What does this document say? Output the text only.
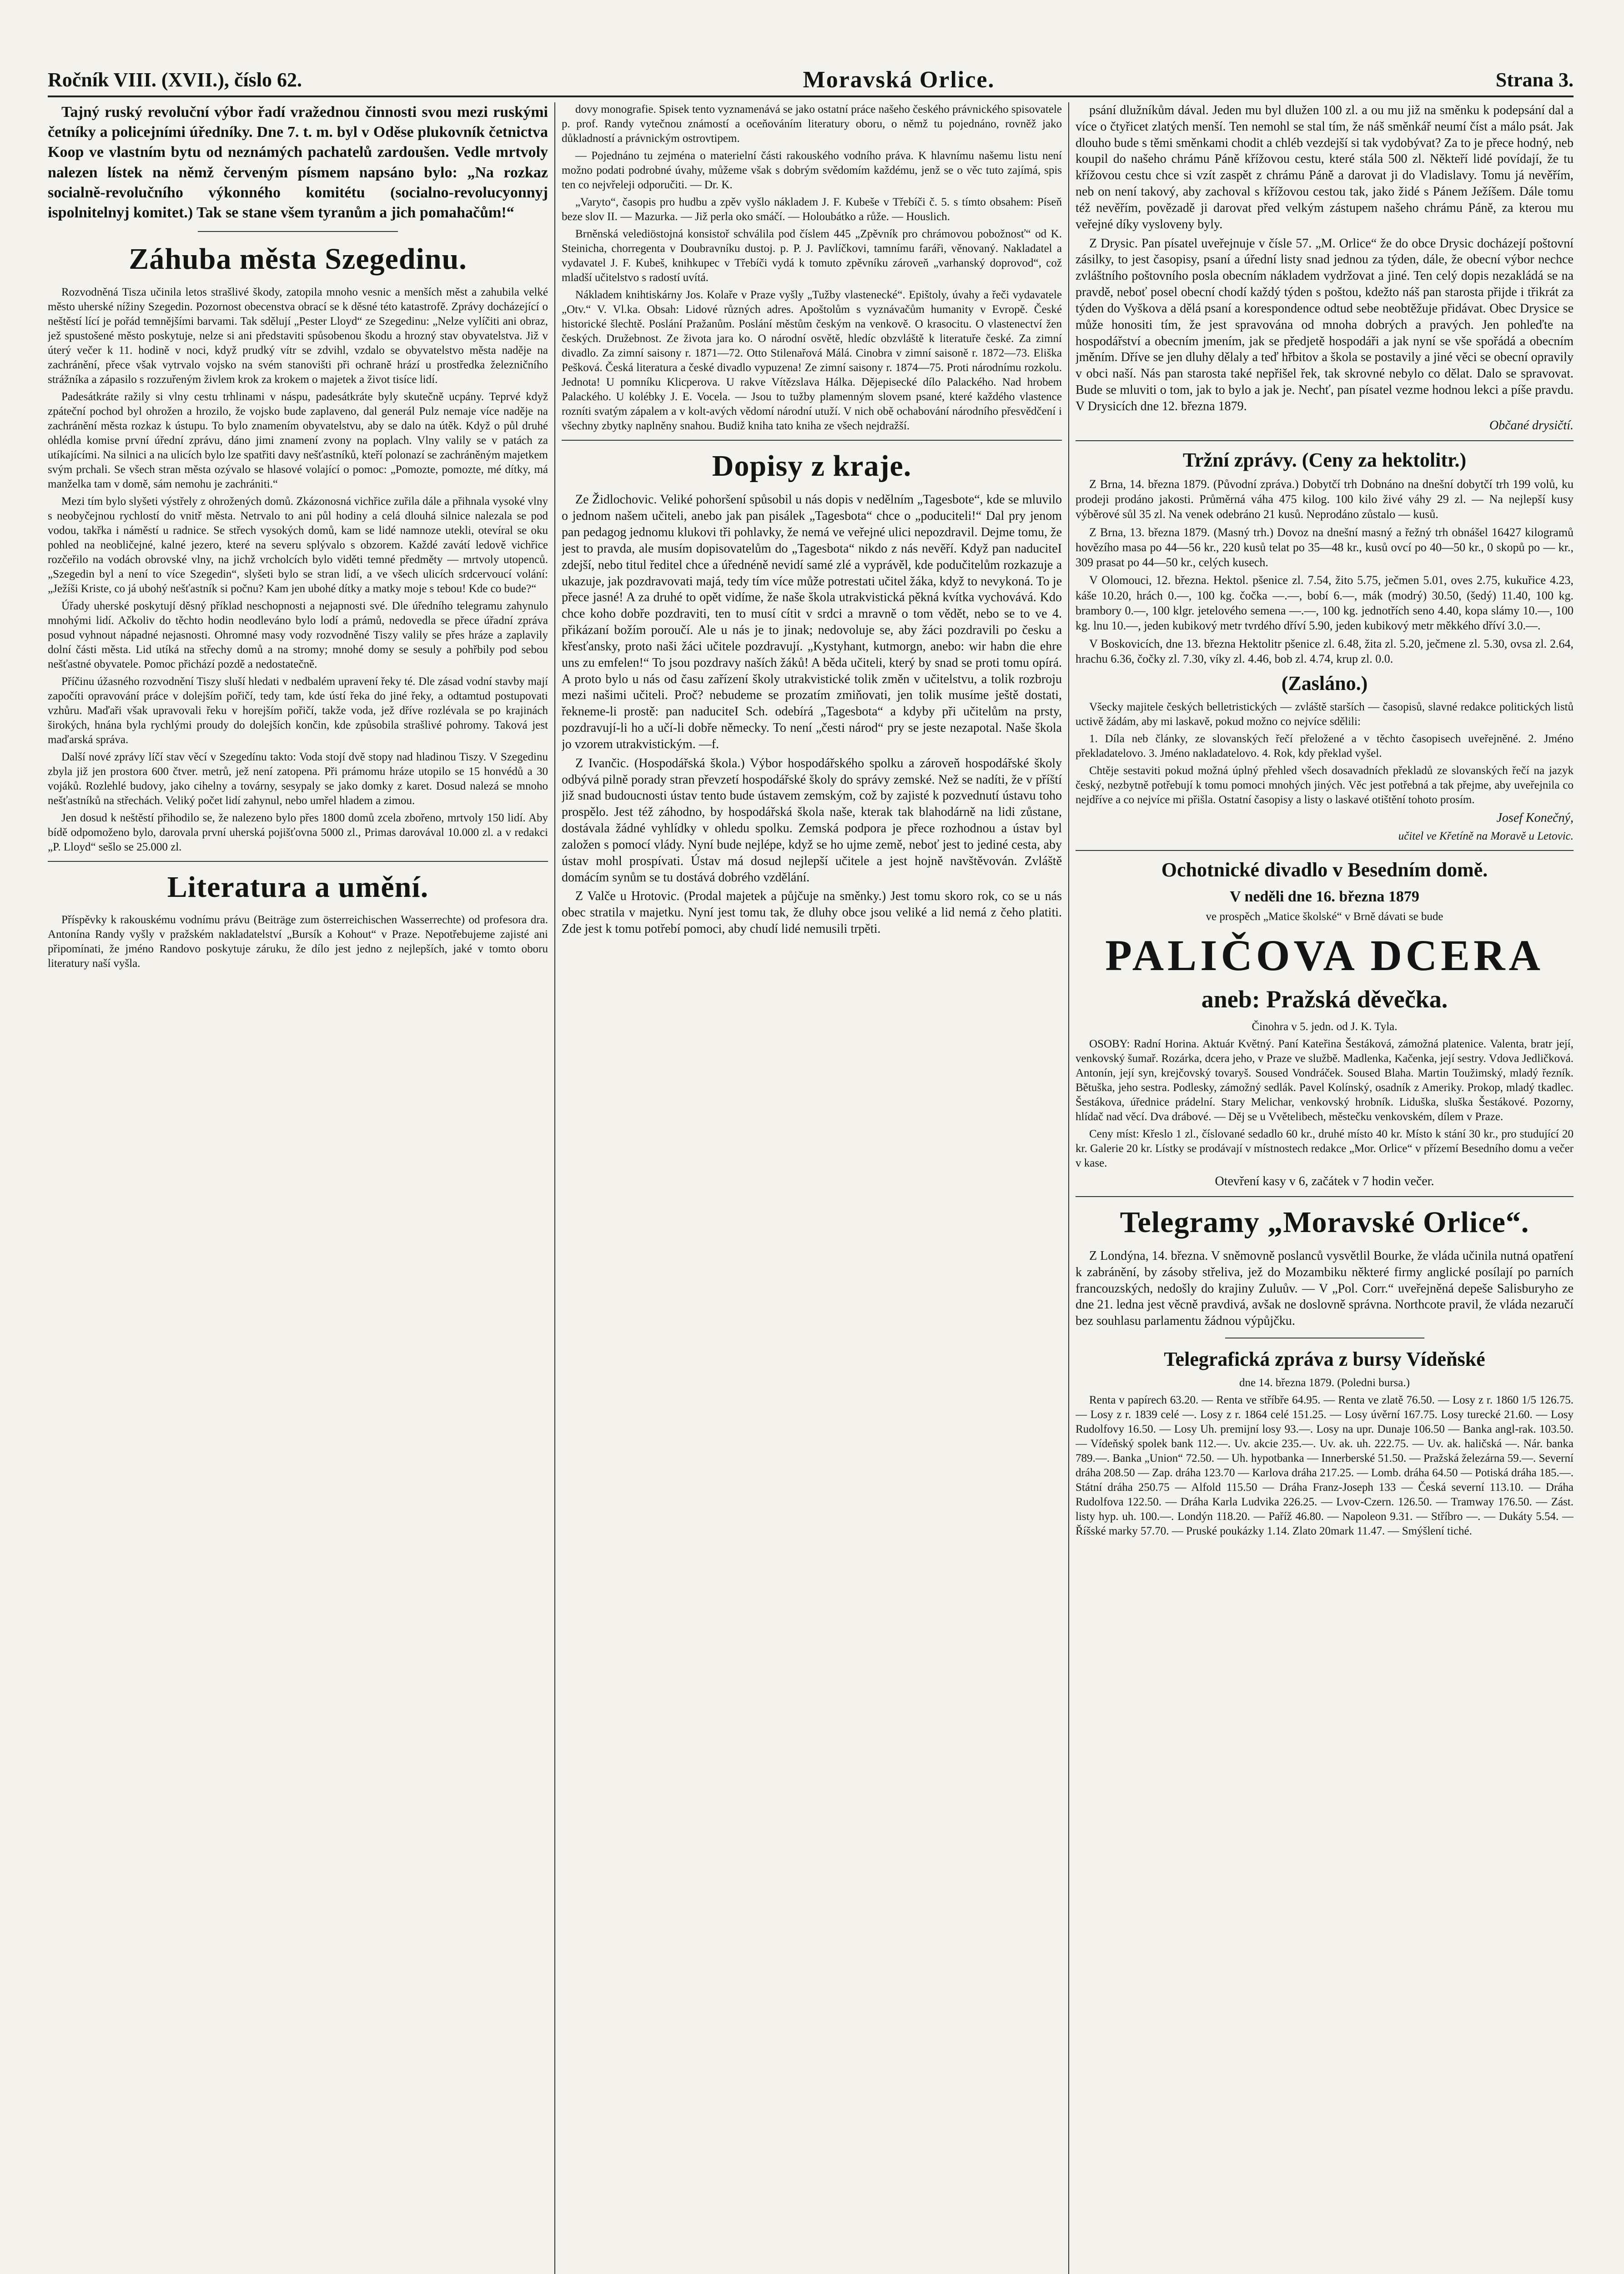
Ročník VIII. (XVII.), číslo 62.	Moravská Orlice.	Strana 3.

Tajný ruský revoluční výbor řadí vražednou činnosti svou mezi ruskými četníky a policejními úředníky. Dne 7. t. m. byl v Oděse plukovník četnictva Koop ve vlastním bytu od neznámých pachatelů zardoušen. Vedle mrtvoly nalezen lístek na němž červeným písmem napsáno bylo: „Na rozkaz socialně-revolučního výkonného komitétu (socialno-revolucyonnyj ispolnitelnyj komitet.) Tak se stane všem tyranům a jich pomahačům!“

Záhuba města Szegedinu.

Rozvodněná Tisza učinila letos strašlivé škody, zatopila mnoho vesnic a menších měst a zahubila velké město uherské nížiny Szegedin. Pozornost obecenstva obrací se k děsné této katastrofě. Zprávy docházející o neštěstí lící je pořád temnějšími barvami. Tak sdělují „Pester Lloyd“ ze Szegedinu: „Nelze vylíčiti ani obraz, jež spustošené město poskytuje, nelze si ani představiti spůsobenou škodu a hrozný stav obyvatelstva. Již v úterý večer k 11. hodině v noci, když prudký vítr se zdvihl, vzdalo se obyvatelstvo města naděje na zachránění, přece však vytrvalo vojsko na svém stanovišti při ochraně hrází u prostředka železničního strážníka a zápasilo s rozzuřeným živlem krok za krokem o majetek a život tisíce lidí.

Padesátkráte ražily si vlny cestu trhlinami v náspu, padesátkráte byly skutečně ucpány. Teprvé když zpáteční pochod byl ohrožen a hrozilo, že vojsko bude zaplaveno, dal generál Pulz nemaje více naděje na zachránění města rozkaz k ústupu. To bylo znamením obyvatelstvu, aby se dalo na útěk. Když o půl druhé ohlédla komise první úřední zprávu, dáno jimi znamení zvony na poplach. Vlny valily se v patách za utíkajícími. Na silnici a na ulicích bylo lze spatřiti davy nešťastníků, kteří polonazí se zachráněným majetkem svým prchali. Se všech stran města ozývalo se hlasové volající o pomoc: „Pomozte, pomozte, mé dítky, má manželka tam v domě, sám nemohu je zachrániti.“

Mezi tím bylo slyšeti výstřely z ohrožených domů. Zkázonosná vichřice zuřila dále a přihnala vysoké vlny s neobyčejnou rychlostí do vnitř města. Netrvalo to ani půl hodiny a celá dlouhá silnice nalezala se pod vodou, takřka i náměstí u radnice. Se střech vysokých domů, kam se lidé namnoze utekli, otevíral se oku pohled na neobličejné, kalné jezero, které na severu splývalo s obzorem. Každé zavátí ledově vichřice rozčeřilo na vodách obrovské vlny, na jichž vrcholcích bylo viděti temné předměty — mrtvoly utopenců. „Szegedin byl a není to více Szegedin“, slyšeti bylo se stran lidí, a ve všech ulicích srdcervoucí volání: „Ježíši Kriste, co já ubohý nešťastník si počnu? Kam jen ubohé dítky a matky moje s tebou! Kde co bude?“

Úřady uherské poskytují děsný příklad neschopnosti a nejapnosti své. Dle úředního telegramu zahynulo mnohými lidí. Ačkoliv do těchto hodin neodleváno bylo lodí a prámů, nedovedla se přece úřadní zpráva posud vyhnout nápadné nejasnosti. Ohromné masy vody rozvodněné Tiszy valily se přes hráze a zaplavily dolní části města. Lid utíká na střechy domů a na stromy; mnohé domy se sesuly a pohřbily pod sebou nešťastné obyvatele. Pomoc přichází pozdě a nedostatečně.

Příčinu úžasného rozvodnění Tiszy sluší hledati v nedbalém upravení řeky té. Dle zásad vodní stavby mají započíti opravování práce v dolejším pořičí, tedy tam, kde ústí řeka do jiné řeky, a odtamtud postupovati vzhůru. Maďaři však upravovali řeku v horejším pořičí, takže voda, jež dříve rozlévala se po krajinách širokých, hnána byla rychlými proudy do dolejších končin, kde způsobila strašlivé pohromy. Taková jest maďarská správa.

Další nové zprávy líčí stav věcí v Szegedínu takto: Voda stojí dvě stopy nad hladinou Tiszy. V Szegedinu zbyla již jen prostora 600 čtver. metrů, jež není zatopena. Při prámomu hráze utopilo se 15 honvédů a 30 vojáků. Rozlehlé budovy, jako cihelny a továrny, sesypaly se jako domky z karet. Dosud nalezá se mnoho nešťastníků na střechách. Veliký počet lidí zahynul, nebo umřel hladem a zimou.

Jen dosud k neštěstí přihodilo se, že nalezeno bylo přes 1800 domů zcela zbořeno, mrtvoly 150 lidí. Aby bídě odpomoženo bylo, darovala první uherská pojišťovna 5000 zl., Primas darovával 10.000 zl. a v redakci „P. Lloyd“ sešlo se 25.000 zl.

Literatura a umění.

Příspěvky k rakouskému vodnímu právu (Beiträge zum österreichischen Wasserrechte) od profesora dra. Antonína Randy vyšly v pražském nakladatelství „Bursík a Kohout“ v Praze. Nepotřebujeme zajisté ani připomínati, že jméno Randovo poskytuje záruku, že dílo jest jedno z nejlepších, jaké v tomto oboru literatury naší vyšla.

dovy monografie. Spisek tento vyznamenává se jako ostatní práce našeho českého právnického spisovatele p. prof. Randy vytečnou známostí a oceňováním literatury oboru, o němž tu pojednáno, rovněž jako důkladností a právnickým ostrovtipem.

— Pojednáno tu zejména o materielní části rakouského vodního práva. K hlavnímu našemu listu není možno podati podrobné úvahy, můžeme však s dobrým svědomím každému, jenž se o věc tuto zajímá, spis ten co nejvřeleji odporučiti. — Dr. K.

„Varyto“, časopis pro hudbu a zpěv vyšlo nákladem J. F. Kubeše v Třebíči č. 5. s tímto obsahem: Píseň beze slov II. — Mazurka. — Již perla oko smáčí. — Holoubátko a růže. — Houslich.

Brněnská velediöstojná konsistoř schválila pod číslem 445 „Zpěvník pro chrámovou pobožnosť“ od K. Steinicha, chorregenta v Doubravníku dustoj. p. P. J. Pavlíčkovi, tamnímu faráři, věnovaný. Nakladatel a vydavatel J. F. Kubeš, knihkupec v Třebíči vydá k tomuto zpěvníku zároveň „varhanský doprovod“, což mladší učitelstvo s radostí uvítá.

Nákladem knihtiskárny Jos. Kolaře v Praze vyšly „Tužby vlastenecké“. Epištoly, úvahy a řeči vydavatele „Otv.“ V. Vl.ka. Obsah: Lidové různých adres. Apoštolům s vyznávačům humanity v Evropě. České historické šlechtě. Poslání Pražanům. Poslání městům českým na venkově. O krasocitu. O vlastenectví žen českých. Družebnost. Ze života jara ko. O národní osvětě, hledíc obzvláště k literatuře české. Za zimní divadlo. Za zimní saisony r. 1871—72. Otto Stilenařová Málá. Cinobra v zimní saisoně r. 1872—73. Eliška Pešková. Česká literatura a české divadlo vypuzena! Ze zimní saisony r. 1874—75. Proti národnímu rozkolu. Jednota! U pomníku Klicperova. U rakve Vítězslava Hálka. Dějepisecké dílo Palackého. Nad hrobem Palackého. U kolébky J. E. Vocela. — Jsou to tužby plamenným slovem psané, které každého vlastence rozníti svatým zápalem a v kolt-avých vědomí národní utuží. V nich obě ochabování národního přesvědčení i všechny zbytky naplněny snahou. Budiž kniha tato kniha ze všech nejdražší.

Dopisy z kraje.

Ze Židlochovic. Veliké pohoršení spůsobil u nás dopis v nedělním „Tagesbote“, kde se mluvilo o jednom našem učiteli, anebo jak pan pisálek „Tagesbota“ chce o „poduciteli!“ Dal pry jenom pan pedagog jednomu klukovi tři pohlavky, že nemá ve veřejné ulici nepozdravil. Dejme tomu, že jest to pravda, ale musím dopisovatelům do „Tagesbota“ nikdo z nás nevěří. Když pan naduciteI zdejší, nebo titul ředitel chce a úřednéně nevidí samé zlé a vyprávěl, kde podučitelům rozkazuje a ukazuje, jak pozdravovati majá, tedy tím více může potrestati učitel žáka, když to nevykoná. To je přece jasné! A za druhé to opět vidíme, že naše škola utrakvistická pěkná kvítka vychovává. Kdo chce koho dobře pozdraviti, ten to musí cítit v srdci a mravně o tom vědět, nebo se to ve 4. přikázaní božím poroučí. Ale u nás je to jinak; nedovoluje se, aby žáci pozdravili po česku a křesťansky, proto naši žáci učitele pozdravují. „Kystyhant, kutmorgn, anebo: wir habn die ehre uns zu emfelen!“ To jsou pozdravy naších žáků! A běda učiteli, který by snad se proti tomu opírá. A proto bylo u nás od času zařízení školy utrakvistické tolik změn v učitelstvu, a tolik rozbroju mezi našimi učiteli. Proč? nebudeme se prozatím zmiňovati, jen tolik musíme ještě dostati, řekneme-li prostě: pan naduciteI Sch. odebírá „Tagesbota“ a kdyby při učitelům na prsty, pozdravují-li ho a učí-li dobře německy. To není „česti národ“ pry se jeste nezapotal. Naše škola jo vzorem utrakvistickým. —f.

Z Ivančic. (Hospodářská škola.) Výbor hospodářského spolku a zároveň hospodářské školy odbývá pilně porady stran převzetí hospodářské školy do správy zemské. Než se nadíti, že v příští již snad budoucnosti ústav tento bude ústavem zemským, což by zajisté k pozvednutí ústavu toho prospělo. Jest též záhodno, by hospodářská škola naše, kterak tak blahodárně na lidi zůstane, dostávala žádné vyhlídky v ohledu spolku. Zemská podpora je přece rozhodnou a ústav byl založen s pomocí vlády. Nyní bude nejlépe, když se ho ujme země, neboť jest to jediné cesta, aby ústav mohl prospívati. Ústav má dosud nejlepší učitele a jest hojně navštěvován. Zvláště domácím synům se tu dostává dobrého vzdělání.

Z Valče u Hrotovic. (Prodal majetek a půjčuje na směnky.) Jest tomu skoro rok, co se u nás obec stratila v majetku. Nyní jest tomu tak, že dluhy obce jsou veliké a lid nemá z čeho platiti. Zde jest k tomu potřebí pomoci, aby chudí lidé nemusili trpěti.

psání dlužníkům dával. Jeden mu byl dlužen 100 zl. a ou mu již na směnku k podepsání dal a více o čtyřicet zlatých menší. Ten nemohl se stal tím, že náš směnkář neumí číst a málo psát. Jak dlouho bude s těmi směnkami chodit a chléb vezdejší si tak vydobývat? Za to je přece hodný, neb koupil do našeho chrámu Páně křížovou cestu, které stála 500 zl. Někteří lidé povídají, že tu křížovou cestu chce si vzít zaspět z chrámu Páně a darovat ji do Vladislavy. Tomu já nevěřím, neb on není takový, aby zachoval s křížovou cestou tak, jako židé s Pánem Ježíšem. Dále tomu též nevěřím, povězadě ji darovat před velkým zástupem našeho chrámu Páně, za kterou mu veřejné díky vysloveny byly.

Z Drysic. Pan písatel uveřejnuje v čísle 57. „M. Orlice“ že do obce Drysic docházejí poštovní zásilky, to jest časopisy, psaní a úřední listy snad jednou za týden, dále, že obecní výbor nechce zvláštního poštovního posla obecním nákladem vydržovat a jiné. Ten celý dopis nezakládá se na pravdě, neboť posel obecní chodí každý týden s poštou, kdežto náš pan starosta přijde i třikrát za týden do Vyškova a dělá psaní a korespondence odtud sebe neobtěžuje přidávat. Obec Drysice se může honositi tím, že jest spravována od mnoha dobrých a pravých. Jen pohleďte na hospodářství a obecním jmením, jak se předjetě hospodáři a jak nyní se vše spořádá a obecním jměním. Dříve se jen dluhy dělaly a teď hřbitov a škola se postavily a jiné věci se obecní opravily v obci naší. Nás pan starosta také nepřišel řek, tak skrovné nebylo co dělat. Dalo se spravovat. Bude se mluviti o tom, jak to bylo a jak je. Nechť, pan písatel vezme hodnou lekci a píše pravdu. V Drysicích dne 12. března 1879.

Občané drysičtí.

Tržní zprávy. (Ceny za hektolitr.)

Z Brna, 14. března 1879. (Původní zpráva.) Dobytčí trh Dobnáno na dnešní dobytčí trh 199 volů, ku prodeji prodáno jakosti. Průměrná váha 475 kilog. 100 kilo živé váhy 29 zl. — Na nejlepší kusy výběrové sůl 35 zl. Na venek odebráno 21 kusů. Neprodáno zůstalo — kusů.

Z Brna, 13. března 1879. (Masný trh.) Dovoz na dnešní masný a řežný trh obnášel 16427 kilogramů hovězího masa po 44—56 kr., 220 kusů telat po 35—48 kr., kusů ovcí po 40—50 kr., 0 skopů po — kr., 309 prasat po 44—50 kr., celých kusech.

V Olomouci, 12. března. Hektol. pšenice zl. 7.54, žito 5.75, ječmen 5.01, oves 2.75, kukuřice 4.23, káše 10.20, hrách 0.—, 100 kg. čočka —.—, bobí 6.—, mák (modrý) 30.50, (šedý) 11.40, 100 kg. brambory 0.—, 100 klgr. jetelového semena —.—, 100 kg. jednotřích seno 4.40, kopa slámy 10.—, 100 kg. lnu 10.—, jeden kubikový metr tvrdého dříví 5.90, jeden kubikový metr měkkého dříví 3.0.—.

V Boskovicích, dne 13. března Hektolitr pšenice zl. 6.48, žita zl. 5.20, ječmene zl. 5.30, ovsa zl. 2.64, hrachu 6.36, čočky zl. 7.30, víky zl. 4.46, bob zl. 4.74, krup zl. 0.0.

(Zasláno.)

Všecky majitele českých belletristických — zvláště starších — časopisů, slavné redakce politických listů uctivě žádám, aby mi laskavě, pokud možno co nejvíce sdělili:

1. Díla neb články, ze slovanských řečí přeložené a v těchto časopisech uveřejněné. 2. Jméno překladatelovo. 3. Jméno nakladatelovo. 4. Rok, kdy překlad vyšel.

Chtěje sestaviti pokud možná úplný přehled všech dosavadních překladů ze slovanských řečí na jazyk český, nezbytně potřebují k tomu pomoci mnohých jiných. Věc jest potřebná a tak přejme, aby uveřejnila co nejdříve a co nejvíce mi přišla. Ostatní časopisy a listy o laskavé otištění tohoto prosím.

Josef Konečný,

učitel ve Křetíně na Moravě u Letovic.

Ochotnické divadlo v Besedním domě.

V neděli dne 16. března 1879

ve prospěch „Matice školské“ v Brně dávati se bude

PALIČOVA DCERA
aneb: Pražská děvečka.

Činohra v 5. jedn. od J. K. Tyla.

OSOBY: Radní Horina. Aktuár Květný. Paní Kateřina Šestáková, zámožná platenice. Valenta, bratr její, venkovský šumař. Rozárka, dcera jeho, v Praze ve službě. Madlenka, Kačenka, její sestry. Vdova Jedličková. Antonín, její syn, krejčovský tovaryš. Soused Vondráček. Soused Blaha. Martin Toužimský, mladý řezník. Bětuška, jeho sestra. Podlesky, zámožný sedlák. Pavel Kolínský, osadník z Ameriky. Prokop, mladý tkadlec. Šestákova, úřednice prádelní. Stary Melichar, venkovský hrobník. Liduška, sluška Šestákové. Pozorny, hlídač nad věcí. Dva drábové. — Děj se u Vvětelibech, městečku venkovském, dílem v Praze.

Ceny míst: Křeslo 1 zl., číslované sedadlo 60 kr., druhé místo 40 kr. Místo k stání 30 kr., pro studující 20 kr. Galerie 20 kr. Lístky se prodávají v místnostech redakce „Mor. Orlice“ v přízemí Besedního domu a večer v kase.

Otevření kasy v 6, začátek v 7 hodin večer.

Telegramy „Moravské Orlice“.

Z Londýna, 14. března. V sněmovně poslanců vysvětlil Bourke, že vláda učinila nutná opatření k zabránění, by zásoby střeliva, jež do Mozambiku některé firmy anglické posílají po parních francouzských, nedošly do krajiny Zuluův. — V „Pol. Corr.“ uveřejněná depeše Salisburyho ze dne 21. ledna jest věcně pravdivá, avšak ne doslovně správna. Northcote pravil, že vláda nezaručí bez souhlasu parlamentu žádnou výpůjčku.

Telegrafická zpráva z bursy Vídeňské

dne 14. března 1879. (Poledni bursa.)

Renta v papírech 63.20. — Renta ve stříbře 64.95. — Renta ve zlatě 76.50. — Losy z r. 1860 1/5 126.75. — Losy z r. 1839 celé —. Losy z r. 1864 celé 151.25. — Losy úvěrní 167.75. Losy turecké 21.60. — Losy Rudolfovy 16.50. — Losy Uh. premijní losy 93.—. Losy na upr. Dunaje 106.50 — Banka angl-rak. 103.50. — Vídeňský spolek bank 112.—. Uv. akcie 235.—. Uv. ak. uh. 222.75. — Uv. ak. haličská —. Nár. banka 789.—. Banka „Union“ 72.50. — Uh. hypotbanka — Innerberské 51.50. — Pražská železárna 59.—. Severní dráha 208.50 — Zap. dráha 123.70 — Karlova dráha 217.25. — Lomb. dráha 64.50 — Potiská dráha 185.—. Státní dráha 250.75 — Alfold 115.50 — Dráha Franz-Joseph 133 — Česká severní 113.10. — Dráha Rudolfova 122.50. — Dráha Karla Ludvika 226.25. — Lvov-Czern. 126.50. — Tramway 176.50. — Zást. listy hyp. uh. 100.—. Londýn 118.20. — Paříž 46.80. — Napoleon 9.31. — Stříbro —. — Dukáty 5.54. — Říšské marky 57.70. — Pruské poukázky 1.14. Zlato 20mark 11.47. — Smýšlení tiché.
